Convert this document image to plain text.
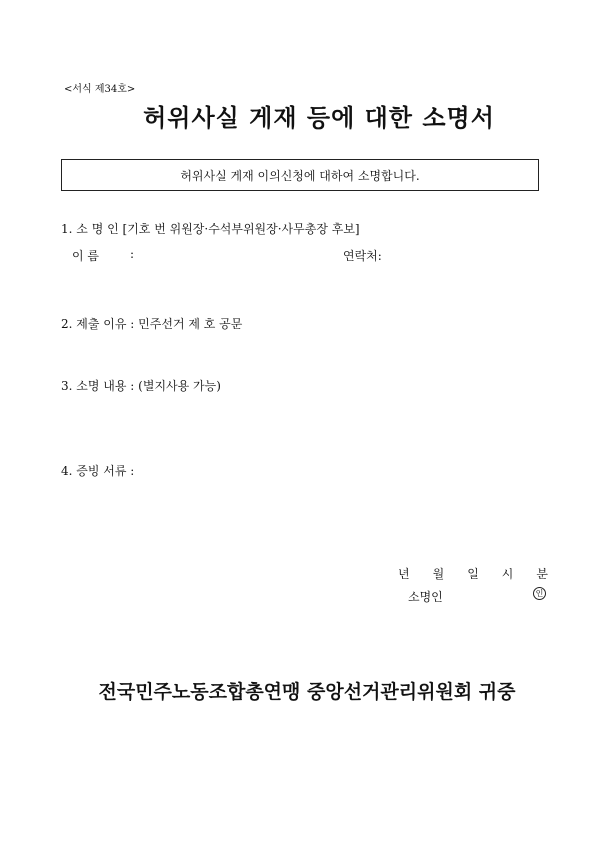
<서식 제34호>
허위사실 게재 등에 대한 소명서
허위사실 게재 이의신청에 대하여 소명합니다.
1. 소 명 인 [기호 번 위원장·수석부위원장·사무총장 후보]
이 름	:	연락처:
2. 제출 이유 : 민주선거 제 호 공문
3. 소명 내용 : (별지사용 가능)
4. 증빙 서류 :
년 월 일 시 분
소명인	인
전국민주노동조합총연맹 중앙선거관리위원회 귀중
